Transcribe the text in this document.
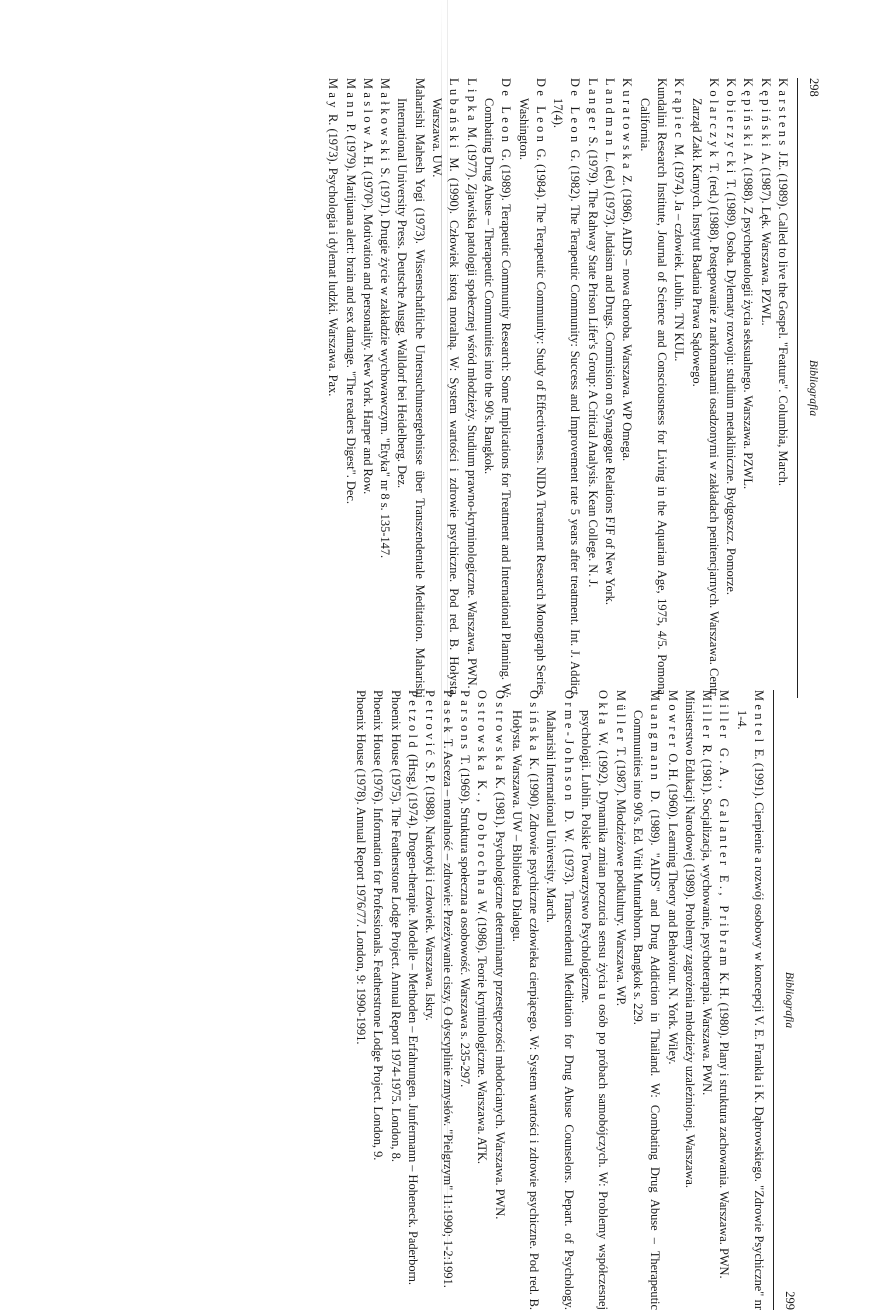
298
Bibliografia
Karstens J.E. (1989). Called to live the Gospel. "Feature". Columbia, March.
Kępiński A. (1987). Lęk. Warszawa. PZWL.
Kępiński A. (1988). Z psychopatologii życia seksualnego. Warszawa. PZWL.
Kobierzycki T. (1989). Osoba. Dylematy rozwoju: studium metakliniczne. Bydgoszcz. Pomorze.
Kolarczyk T. (red.) (1988). Postępowanie z narkomanami osadzonymi w zakładach penitencjarnych. Warszawa. Centr. Zarząd Zakł. Karnych. Instytut Badania Prawa Sądowego.
Krąpiec M. (1974). Ja – człowiek. Lublin. TN KUL.
Kundalini Research Institute, Journal of Science and Consciousness for Living in the Aquarian Age, 1975, 4/5. Pomona. California.
Kuratowska Z. (1986). AIDS – nowa choroba. Warszawa. WP Omega.
Landman L. (ed.) (1973). Judaism and Drugs. Commision on Synagogue Relations FJF of New York.
Langer S. (1979). The Rahway State Prison Lifer's Group: A Critical Analysis. Kean College. N. J.
De Leon G. (1982). The Terapeutic Community: Success and Improvement rate 5 years after treatment. Int. J. Addict. 17(4).
De Leon G. (1984). The Terapeutic Community: Study of Effectiveness. NIDA Treatment Research Monograph Series. Washington.
De Leon G. (1989). Terapeutic Community Research: Some Implications for Treatment and International Planning. W: Combating Drug Abuse – Therapeutic Communities into the 90's. Bangkok.
Lipka M. (1977). Zjawiska patologii społecznej wśród młodzieży. Studium prawno-kryminologiczne. Warszawa. PWN.
Lubański M. (1990). Człowiek istotą moralną. W: System wartości i zdrowie psychiczne. Pod red. B. Hołysta. Warszawa. UW.
Maharishi Mahesh Yogi (1973). Wissenschaftliche Untersuchunsergebnisse über Transzendentale Meditation. Maharishi International University Press. Deutsche Ausgg. Walldorf bei Heidelberg. Dez.
Małkowski S. (1971). Drugie życie w zakładzie wychowawczym. "Etyka" nr 8 s. 135-147.
Maslow A. H. (1970²). Motivation and personality. New York. Harper and Row.
Mann P. (1979). Marijuana alert: brain and sex damage. "The readers Digest". Dec.
May R. (1973). Psychologia i dylemat ludzki. Warszawa. Pax.
Bibliografia
299
Mentel E. (1991). Cierpienie a rozwój osobowy w koncepcji V. E. Frankla i K. Dąbrowskiego. "Zdrowie Psychiczne" nr 1-4.
Miller G.A., Galanter E., Pribram K. H. (1980). Plany i struktura zachowania. Warszawa. PWN.
Miller R. (1981). Socjalizacja, wychowanie, psychoterapia. Warszawa. PWN.
Ministerstwo Edukacji Narodowej (1989). Problemy zagrożenia młodzieży uzależnionej. Warszawa.
Mowrer O. H. (1960). Learning Theory and Behaviour. N. York. Wiley.
Muangmann D. (1989). "AIDS" and Drug Addiction in Thailand. W: Combating Drug Abuse – Therapeutic Communities into 90's. Ed. Vitit Muntarbhorn. Bangkok s. 229.
Müller T. (1987). Młodzieżowe podkultury. Warszawa. WP.
Okła W. (1992). Dynamika zmian poczucia sensu życia u osób po próbach samobójczych. W: Problemy współczesnej psychologii. Lublin. Polskie Towarzystwo Psychologiczne.
Orme-Johnson D. W. (1973). Transcendental Meditation for Drug Abuse Counselors. Depart. of Psychology. Maharishi International University. March.
Osińska K. (1990). Zdrowie psychiczne człowieka cierpiącego. W: System wartości i zdrowie psychiczne. Pod red. B. Hołysta. Warszawa. UW – Biblioteka Dialogu.
Ostrowska K. (1981). Psychologiczne determinanty przestępczości młodocianych. Warszawa. PWN.
Ostrowska K., Dobrochna W. (1986). Teorie kryminologiczne. Warszawa. ATK.
Parsons T. (1969). Struktura społeczna a osobowość. Warszawa s. 235-297.
Pasek T. Asceza – moralność – zdrowie: Przeżywanie ciszy, O dyscyplinie zmysłów. "Pielgrzym" 11:1990; 1-2:1991.
Petrović S. P. (1988). Narkotyki i człowiek. Warszawa. Iskry.
Petzold (Hrsg.) (1974). Drogen-therapie. Modelle – Methoden – Erfahrungen. Junfermann – Hoheneck. Paderborn.
Phoenix House (1975). The Featherstone Lodge Project. Annual Report 1974-1975. London, 8.
Phoenix House (1976). Information for Professionals. Featherstrone Lodge Project. London, 9.
Phoenix House (1978). Annual Report 1976/77. London, 9: 1990-1991.
